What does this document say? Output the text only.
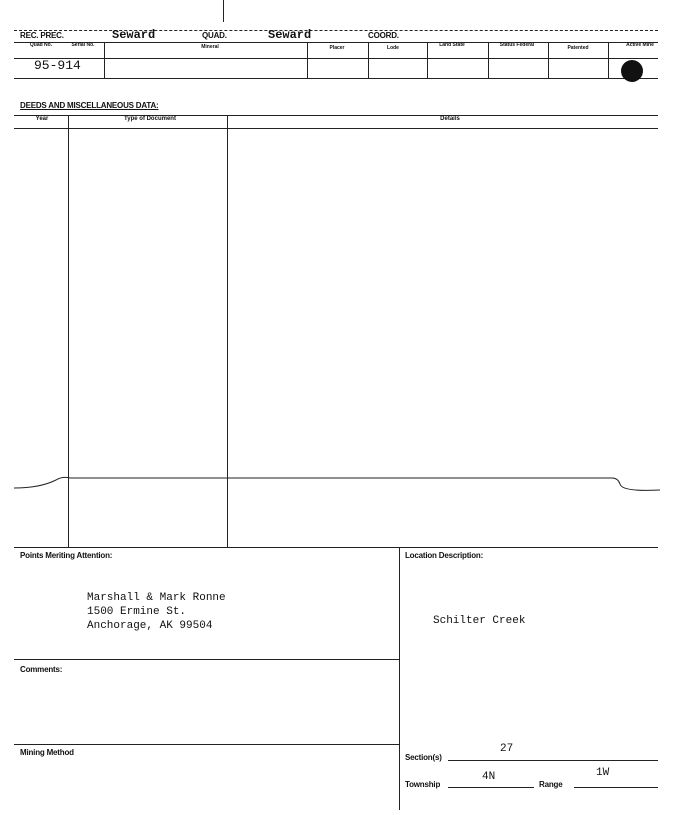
REC. PREC.	Seward	QUAD.	Seward	COORD.
Quad No.	Serial No.	Mineral	Placer	Lode	Land State	Status Federal	Patented	Active Mine
95-914
DEEDS AND MISCELLANEOUS DATA:
Year	Type of Document	Details
Points Meriting Attention:
Marshall & Mark Ronne
1500 Ermine St.
Anchorage, AK 99504
Location Description:
Schilter Creek
Comments:
Mining Method
Section(s)
27
Township
4N
Range
1W
